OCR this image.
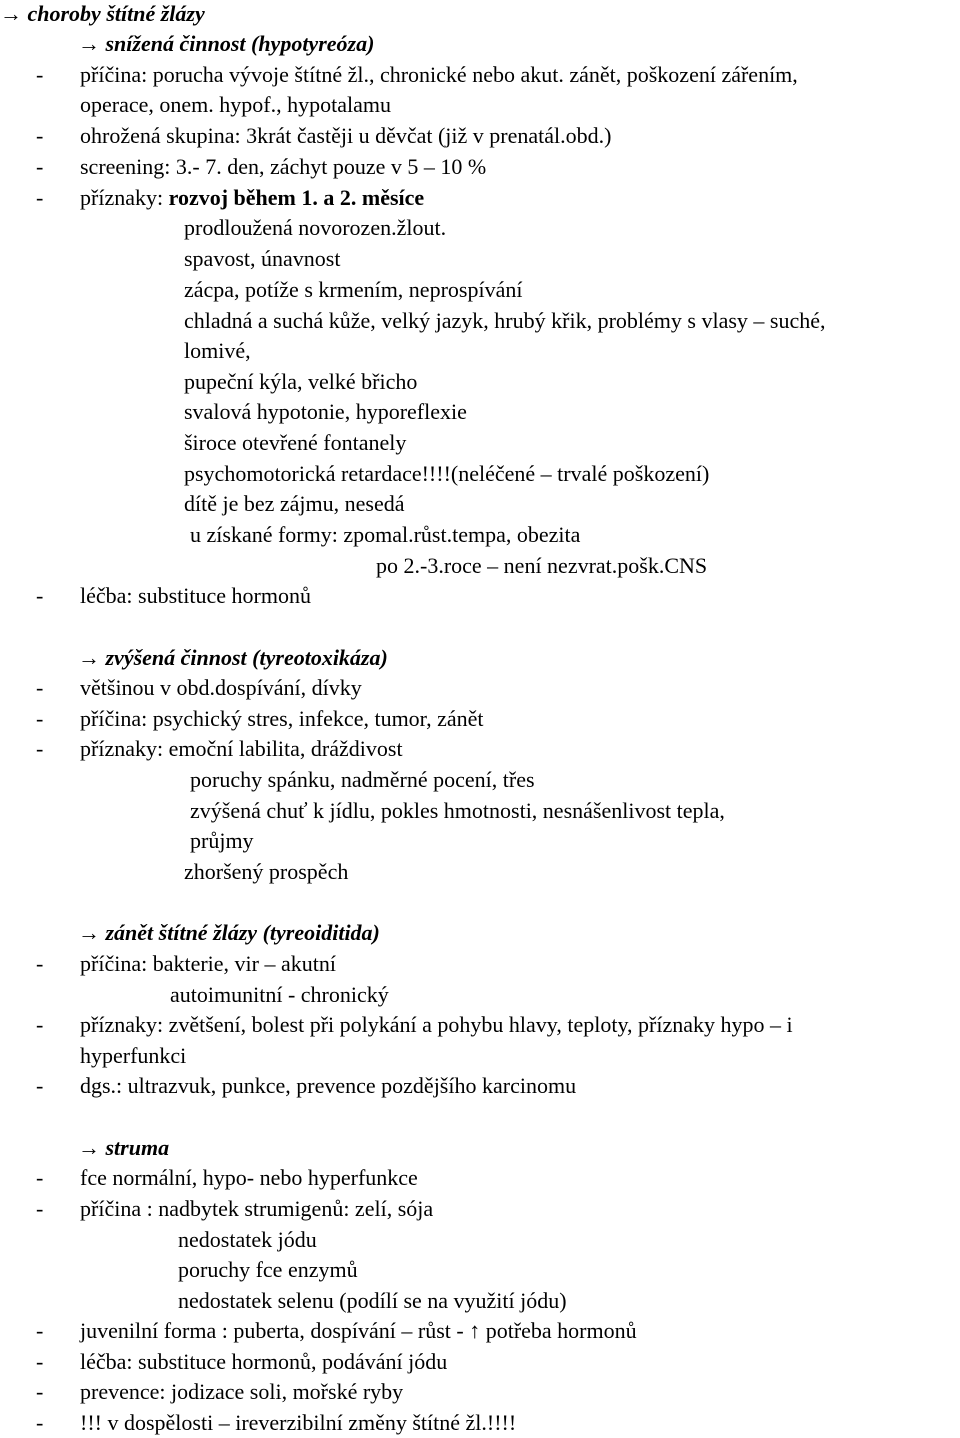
→ choroby štítné žlázy
→ snížená činnost (hypotyreóza)
- příčina: porucha vývoje štítné žl., chronické nebo akut. zánět, poškození zářením,
operace, onem. hypof., hypotalamu
- ohrožená skupina: 3krát častěji u děvčat (již v prenatál.obd.)
- screening: 3.- 7. den, záchyt pouze v 5 – 10 %
- příznaky: rozvoj během 1. a 2. měsíce
prodloužená novorozen.žlout.
spavost, únavnost
zácpa, potíže s krmením, neprospívání
chladná a suchá kůže, velký jazyk, hrubý křik, problémy s vlasy – suché,
lomivé,
pupeční kýla, velké břicho
svalová hypotonie, hyporeflexie
široce otevřené fontanely
psychomotorická retardace!!!!(neléčené – trvalé poškození)
dítě je bez zájmu, nesedá
u získané formy: zpomal.růst.tempa, obezita
po 2.-3.roce – není nezvrat.pošk.CNS
- léčba: substituce hormonů
→ zvýšená činnost (tyreotoxikáza)
- většinou v obd.dospívání, dívky
- příčina: psychický stres, infekce, tumor, zánět
- příznaky: emoční labilita, dráždivost
poruchy spánku, nadměrné pocení, třes
zvýšená chuť k jídlu, pokles hmotnosti, nesnášenlivost tepla,
průjmy
zhoršený prospěch
→ zánět štítné žlázy (tyreoiditida)
- příčina: bakterie, vir – akutní
autoimunitní - chronický
- příznaky: zvětšení, bolest při polykání a pohybu hlavy, teploty, příznaky hypo – i
hyperfunkci
- dgs.: ultrazvuk, punkce, prevence pozdějšího karcinomu
→ struma
- fce normální, hypo- nebo hyperfunkce
- příčina : nadbytek strumigenů: zelí, sója
nedostatek jódu
poruchy fce enzymů
nedostatek selenu (podílí se na využití jódu)
- juvenilní forma : puberta, dospívání – růst - ↑ potřeba hormonů
- léčba: substituce hormonů, podávání jódu
- prevence: jodizace soli, mořské ryby
- !!! v dospělosti – ireverzibilní změny štítné žl.!!!!
